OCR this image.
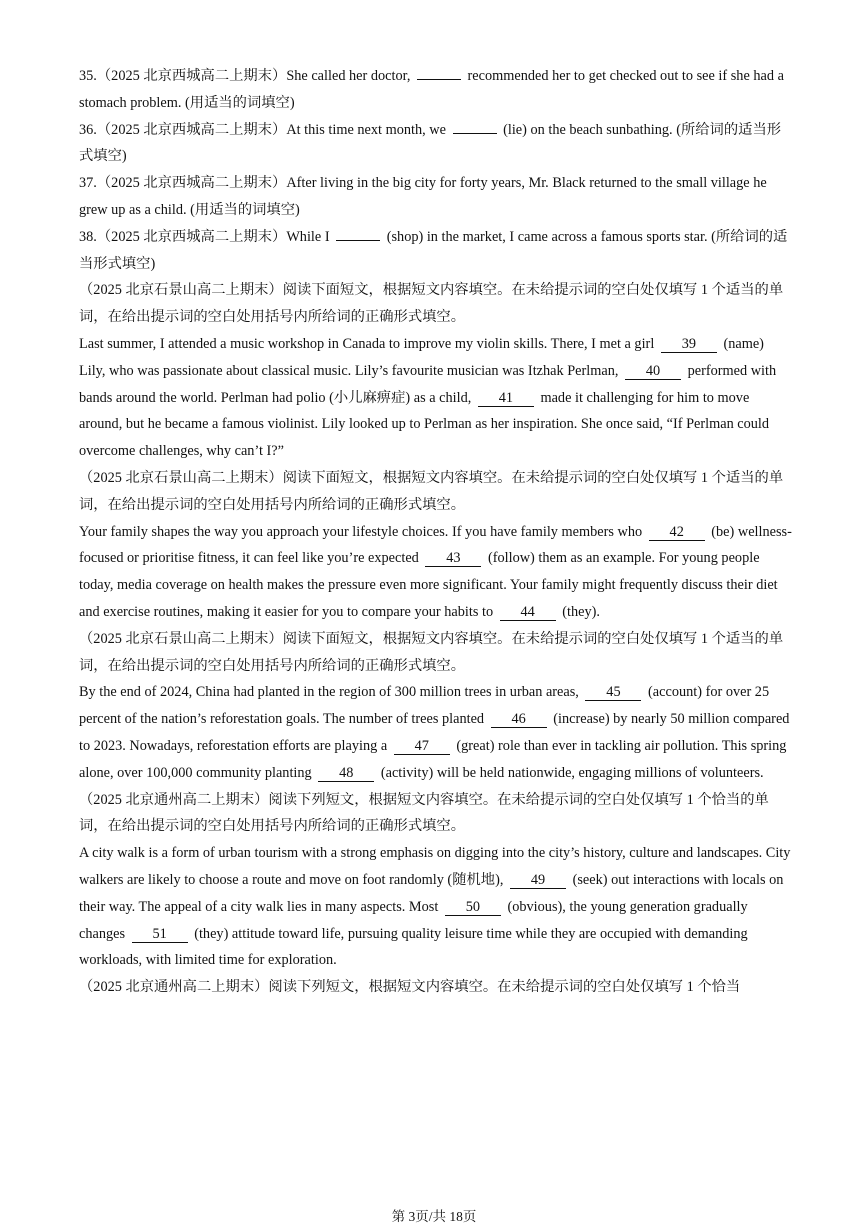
35.（2025 北京西城高二上期末）She called her doctor,	recommended her to get checked out to see if she had a stomach problem. (用适当的词填空)

36.（2025 北京西城高二上期末）At this time next month, we	(lie) on the beach sunbathing. (所给词的适当形式填空)

37.（2025 北京西城高二上期末）After living in the big city for forty years, Mr. Black returned to the small village he grew up as a child. (用适当的词填空)

38.（2025 北京西城高二上期末）While I	(shop) in the market, I came across a famous sports star. (所给词的适当形式填空)

（2025 北京石景山高二上期末）阅读下面短文，根据短文内容填空。在未给提示词的空白处仅填写 1 个适当的单词，在给出提示词的空白处用括号内所给词的正确形式填空。

Last summer, I attended a music workshop in Canada to improve my violin skills. There, I met a girl 39 (name) Lily, who was passionate about classical music. Lily’s favourite musician was Itzhak Perlman, 40 performed with bands around the world. Perlman had polio (小儿麻痹症) as a child, 41 made it challenging for him to move around, but he became a famous violinist. Lily looked up to Perlman as her inspiration. She once said, “If Perlman could overcome challenges, why can’t I?”

（2025 北京石景山高二上期末）阅读下面短文，根据短文内容填空。在未给提示词的空白处仅填写 1 个适当的单词，在给出提示词的空白处用括号内所给词的正确形式填空。

Your family shapes the way you approach your lifestyle choices. If you have family members who 42 (be) wellness-focused or prioritise fitness, it can feel like you’re expected 43 (follow) them as an example. For young people today, media coverage on health makes the pressure even more significant. Your family might frequently discuss their diet and exercise routines, making it easier for you to compare your habits to 44 (they).

（2025 北京石景山高二上期末）阅读下面短文，根据短文内容填空。在未给提示词的空白处仅填写 1 个适当的单词，在给出提示词的空白处用括号内所给词的正确形式填空。

By the end of 2024, China had planted in the region of 300 million trees in urban areas, 45 (account) for over 25 percent of the nation’s reforestation goals. The number of trees planted 46 (increase) by nearly 50 million compared to 2023. Nowadays, reforestation efforts are playing a 47 (great) role than ever in tackling air pollution. This spring alone, over 100,000 community planting 48 (activity) will be held nationwide, engaging millions of volunteers.

（2025 北京通州高二上期末）阅读下列短文，根据短文内容填空。在未给提示词的空白处仅填写 1 个恰当的单词，在给出提示词的空白处用括号内所给词的正确形式填空。

A city walk is a form of urban tourism with a strong emphasis on digging into the city’s history, culture and landscapes. City walkers are likely to choose a route and move on foot randomly (随机地), 49 (seek) out interactions with locals on their way. The appeal of a city walk lies in many aspects. Most 50 (obvious), the young generation gradually changes 51 (they) attitude toward life, pursuing quality leisure time while they are occupied with demanding workloads, with limited time for exploration.

（2025 北京通州高二上期末）阅读下列短文，根据短文内容填空。在未给提示词的空白处仅填写 1 个恰当

第 3页/共 18页
